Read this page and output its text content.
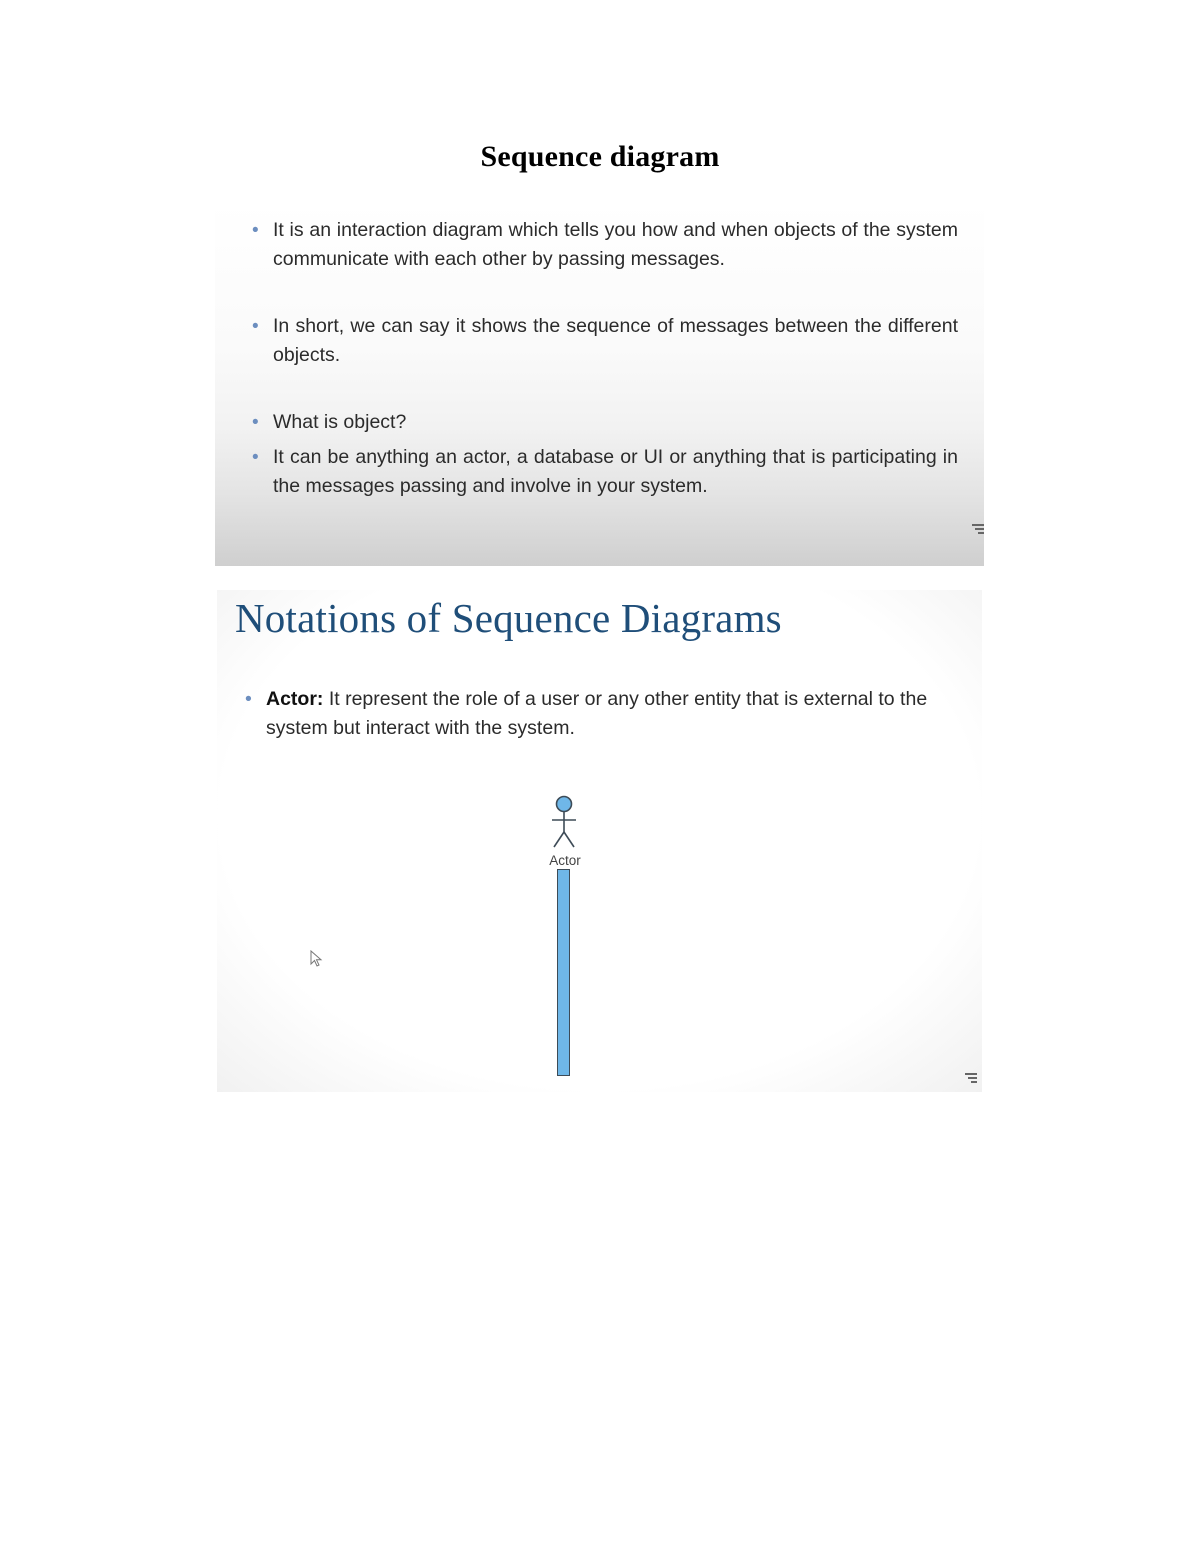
Sequence diagram
• It is an interaction diagram which tells you how and when objects of the system communicate with each other by passing messages.
• In short, we can say it shows the sequence of messages between the different objects.
• What is object?
• It can be anything an actor, a database or UI or anything that is participating in the messages passing and involve in your system.
Notations of Sequence Diagrams
• Actor: It represent the role of a user or any other entity that is external to the system but interact with the system.
Actor
